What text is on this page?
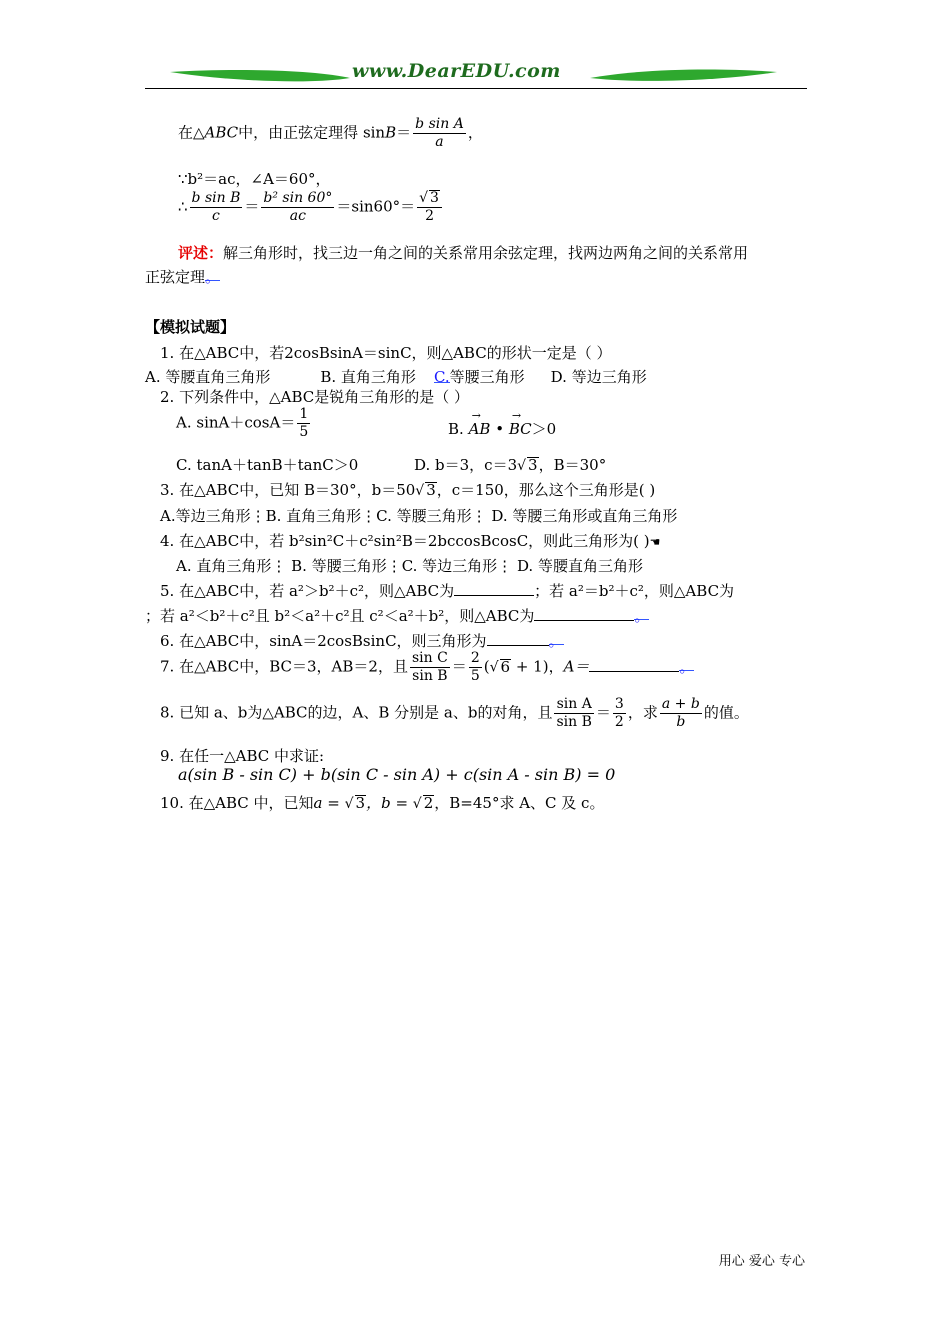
www.DearEDU.com
在△ABC中，由正弦定理得 $\sin B= \frac{\text{b sin A}}{a}$ ，
∵b²＝ac，∠A＝60°，
∴ $\frac{\text{b sin B}}{c} = \frac{\text{b² sin 60°}}{ac} =\sin 60^\circ= \frac{√ 3}{2}$
评述：解三角形时，找三边一角之间的关系常用余弦定理，找两边两角之间的关系常用
正弦定理。
【模拟试题】
1. 在△ABC中，若2cosBsinA＝sinC，则△ABC的形状一定是（ ）
A. 等腰直角三角形	B. 直角三角形C.等腰三角形 D. 等边三角形
2. 下列条件中，△ABC是锐角三角形的是（ ）
A. $\sin A+\cos A= \frac{1}{5}$	B. → AB • → BC＞0
C. tanA＋tanB＋tanC＞0	D. b＝3，c＝3√ 3，B＝30°
3. 在△ABC中，已知 B＝30°，b＝50√ 3，c＝150，那么这个三角形是( )
A.等边三角形⋮B. 直角三角形⋮C. 等腰三角形⋮ D. 等腰三角形或直角三角形
4. 在△ABC中，若 b²sin²C＋c²sin²B＝2bccosBcosC，则此三角形为( )☚
A. 直角三角形⋮ B. 等腰三角形⋮C. 等边三角形⋮ D. 等腰直角三角形
5. 在△ABC中，若 a²＞b²＋c²，则△ABC为	；若 a²＝b²＋c²，则△ABC为
；若 a²＜b²＋c²且 b²＜a²＋c²且 c²＜a²＋b²，则△ABC为	。
6. 在△ABC中，sinA＝2cosBsinC，则三角形为	。
7. 在△ABC中，BC＝3，AB＝2，且 $\frac{\text{sin C}}{\text{sin B}} = \frac{2}{5}$ (√ 6 + 1)，A＝	。
8. 已知 a、b为△ABC的边，A、B 分别是 a、b的对角，且 $\frac{\text{sin A}}{\text{sin B}} = \frac{3}{2}$ ，求 $\frac{a + b}{b}$ 的值。
9. 在任一△ABC 中求证:
a(sin B - sin C) + b(sin C - sin A) + c(sin A - sin B) = 0
10. 在△ABC 中，已知a = √ 3，b = √ 2，B=45°求 A、C 及 c。
用心 爱心 专心
